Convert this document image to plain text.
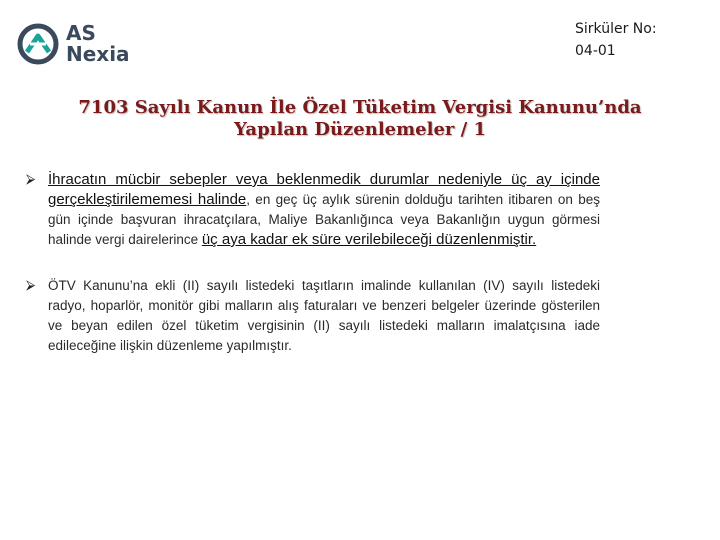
AS
Nexia
Sirküler No:
04-01
7103 Sayılı Kanun İle Özel Tüketim Vergisi Kanunu’nda
Yapılan Düzenlemeler / 1
⮚ İhracatın mücbir sebepler veya beklenmedik durumlar nedeniyle üç ay içinde gerçekleştirilememesi halinde, en geç üç aylık sürenin dolduğu tarihten itibaren on beş gün içinde başvuran ihracatçılara, Maliye Bakanlığınca veya Bakanlığın uygun görmesi halinde vergi dairelerince üç aya kadar ek süre verilebileceği düzenlenmiştir.
⮚ ÖTV Kanunu’na ekli (II) sayılı listedeki taşıtların imalinde kullanılan (IV) sayılı listedeki radyo, hoparlör, monitör gibi malların alış faturaları ve benzeri belgeler üzerinde gösterilen ve beyan edilen özel tüketim vergisinin (II) sayılı listedeki malların imalatçısına iade edileceğine ilişkin düzenleme yapılmıştır.
